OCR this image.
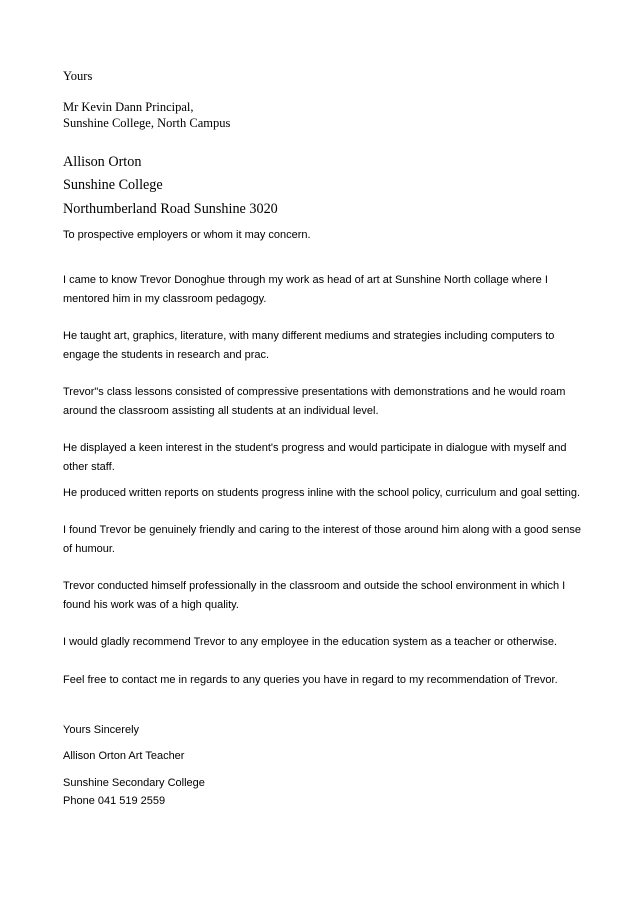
Yours
Mr Kevin Dann Principal,
Sunshine College, North Campus
Allison Orton
Sunshine College
Northumberland Road Sunshine 3020
To prospective employers or whom it may concern.
I came to know Trevor Donoghue through my work as head of art at Sunshine North collage where I
mentored him in my classroom pedagogy.
He taught art, graphics, literature, with many different mediums and strategies including computers to
engage the students in research and prac.
Trevor"s class lessons consisted of compressive presentations with demonstrations and he would roam
around the classroom assisting all students at an individual level.
He displayed a keen interest in the student's progress and would participate in dialogue with myself and
other staff.
He produced written reports on students progress inline with the school policy, curriculum and goal setting.
I found Trevor be genuinely friendly and caring to the interest of those around him along with a good sense
of humour.
Trevor conducted himself professionally in the classroom and outside the school environment in which I
found his work was of a high quality.
I would gladly recommend Trevor to any employee in the education system as a teacher or otherwise.
Feel free to contact me in regards to any queries you have in regard to my recommendation of Trevor.
Yours Sincerely
Allison Orton Art Teacher
Sunshine Secondary College
Phone 041 519 2559
